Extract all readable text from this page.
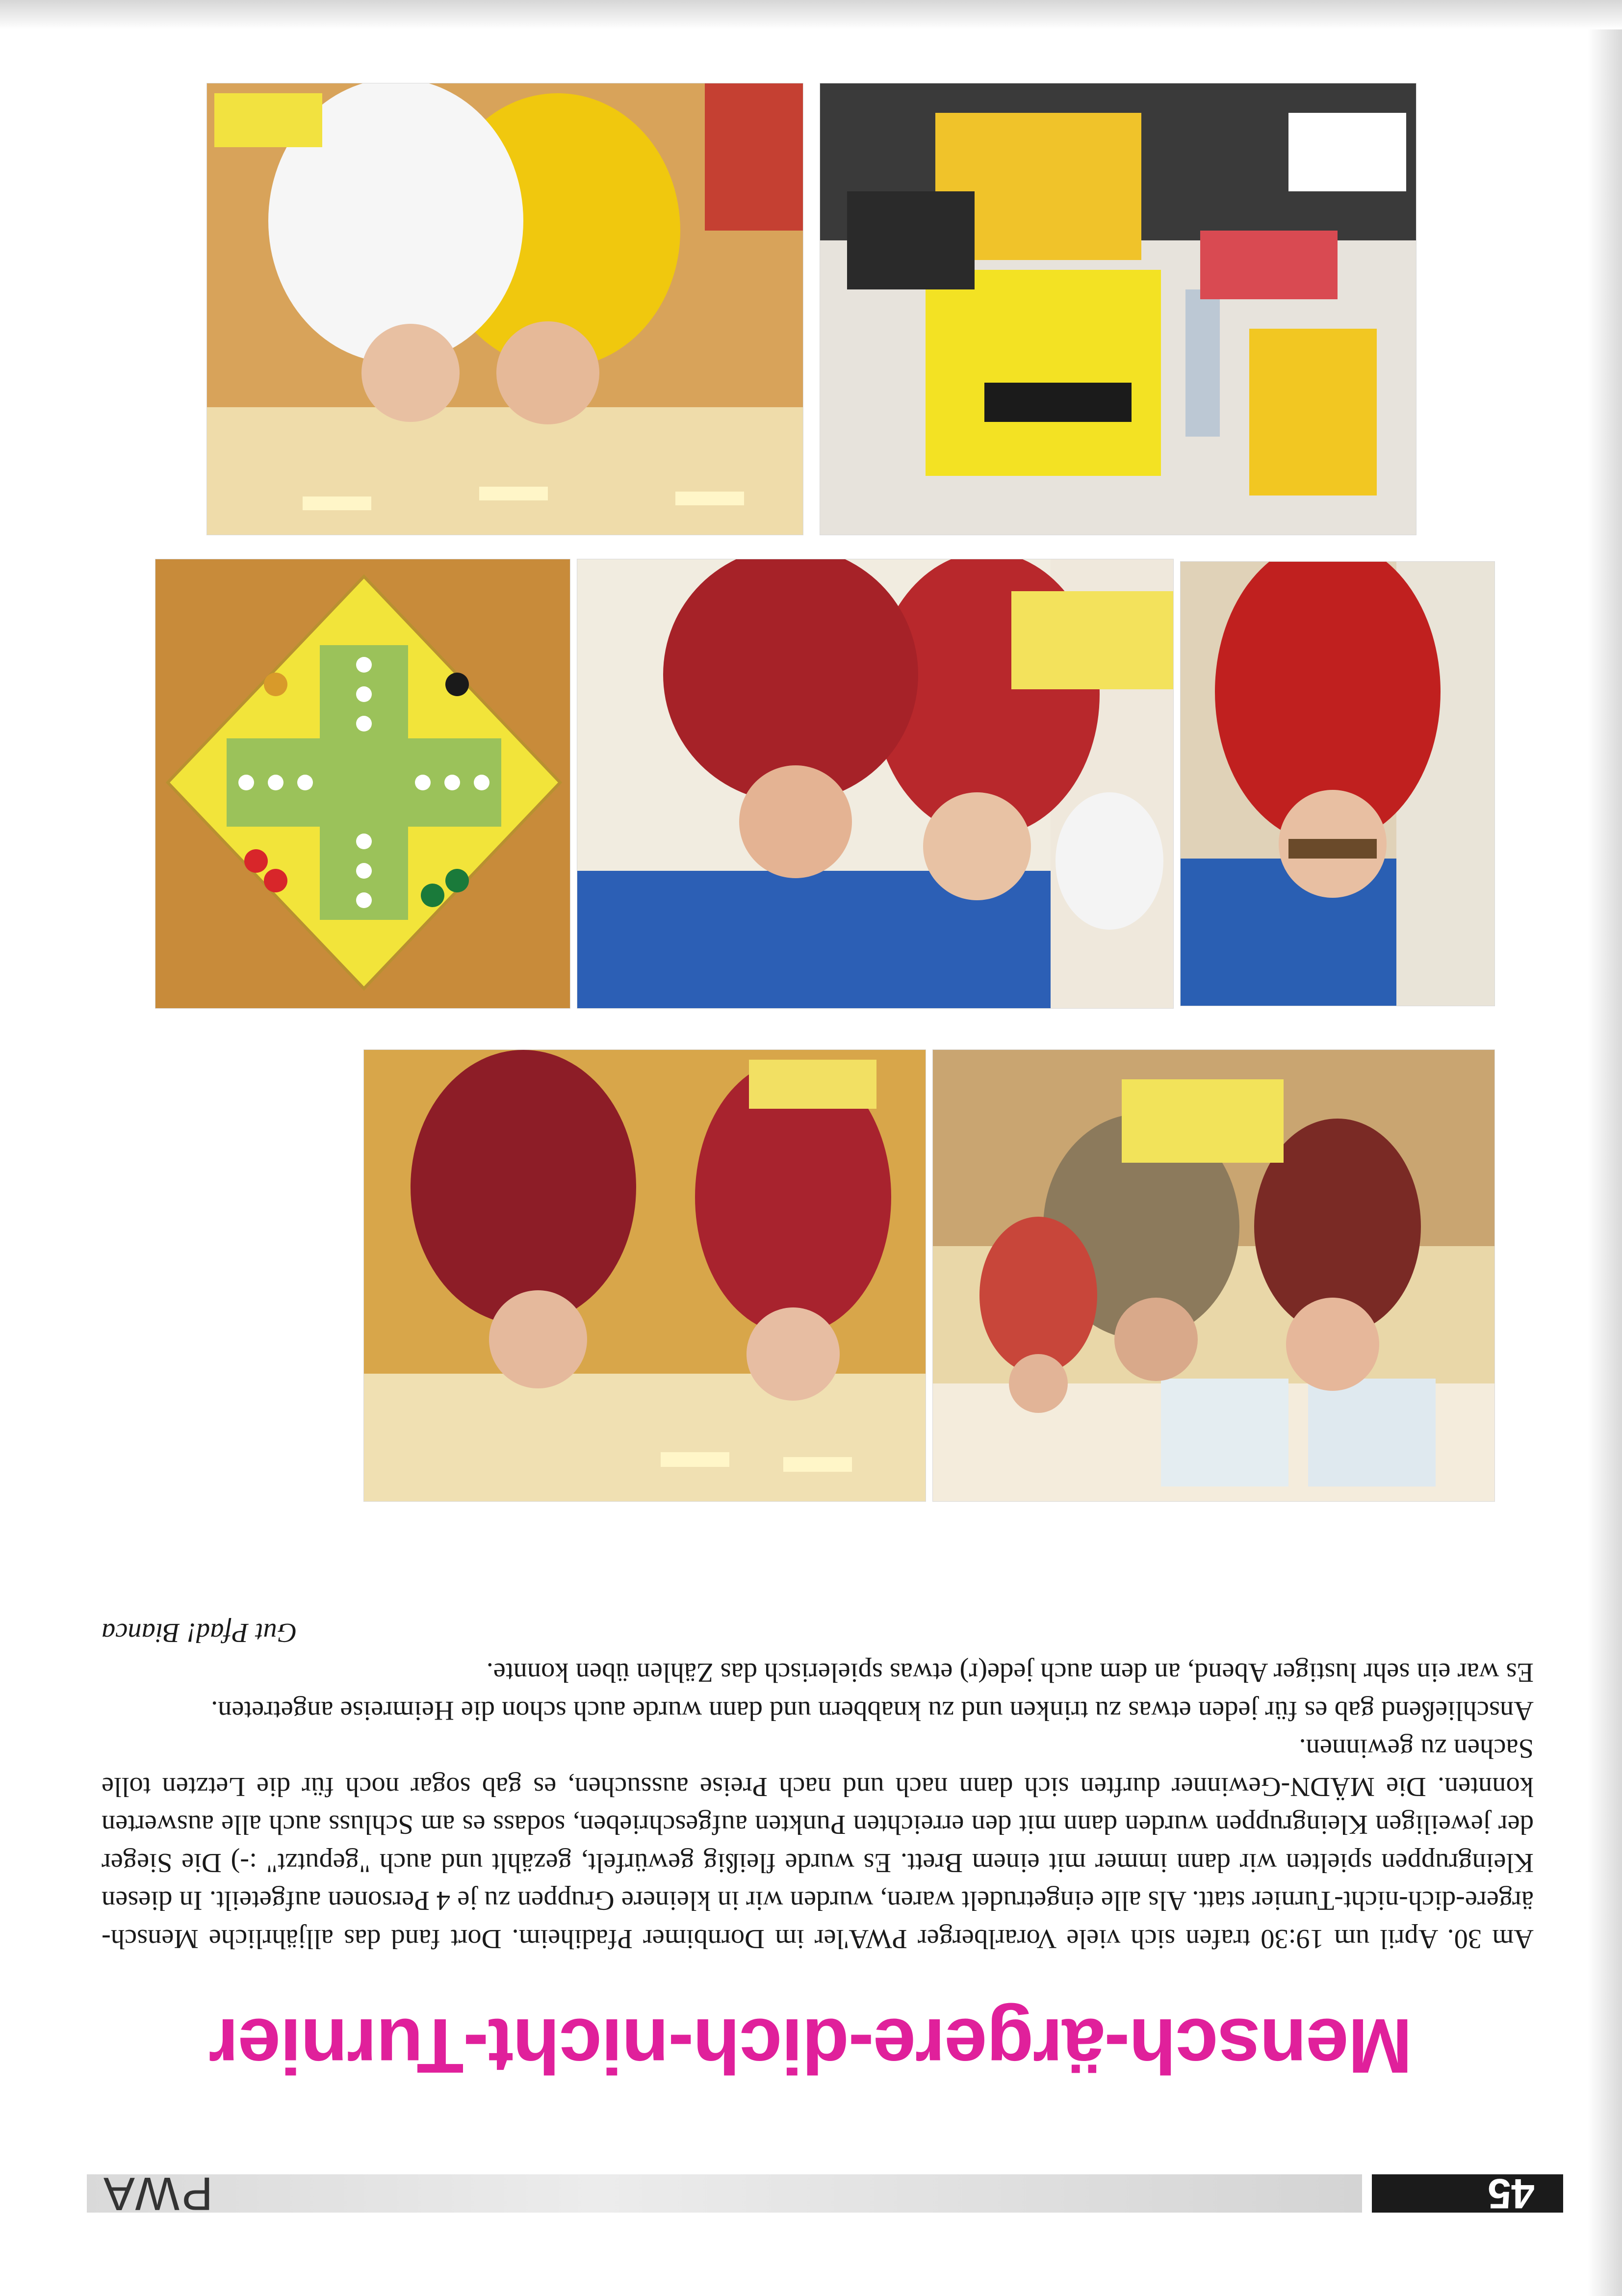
45
PWA
Mensch-ärgere-dich-nicht-Turnier

Am 30. April um 19:30 trafen sich viele Vorarlberger PWA'ler im Dornbimer Pfadiheim. Dort fand das alljährliche Mensch-ärgere-dich-nicht-Turnier statt. Als alle eingetrudelt waren, wurden wir in kleinere Gruppen zu je 4 Personen aufgeteilt. In diesen Kleingruppen spielten wir dann immer mit einem Brett. Es wurde fleißig gewürfelt, gezählt und auch "geputzt" :-) Die Sieger der jeweiligen Kleingruppen wurden dann mit den erreichten Punkten aufgeschrieben, sodass es am Schluss auch alle auswerten konnten. Die MÄDN-Gewinner durften sich dann nach und nach Preise aussuchen, es gab sogar noch für die Letzten tolle Sachen zu gewinnen.

Anschließend gab es für jeden etwas zu trinken und zu knabbern und dann wurde auch schon die Heimreise angetreten.

Es war ein sehr lustiger Abend, an dem auch jede(r) etwas spielerisch das Zählen üben konnte.

Gut Pfad! Bianca
